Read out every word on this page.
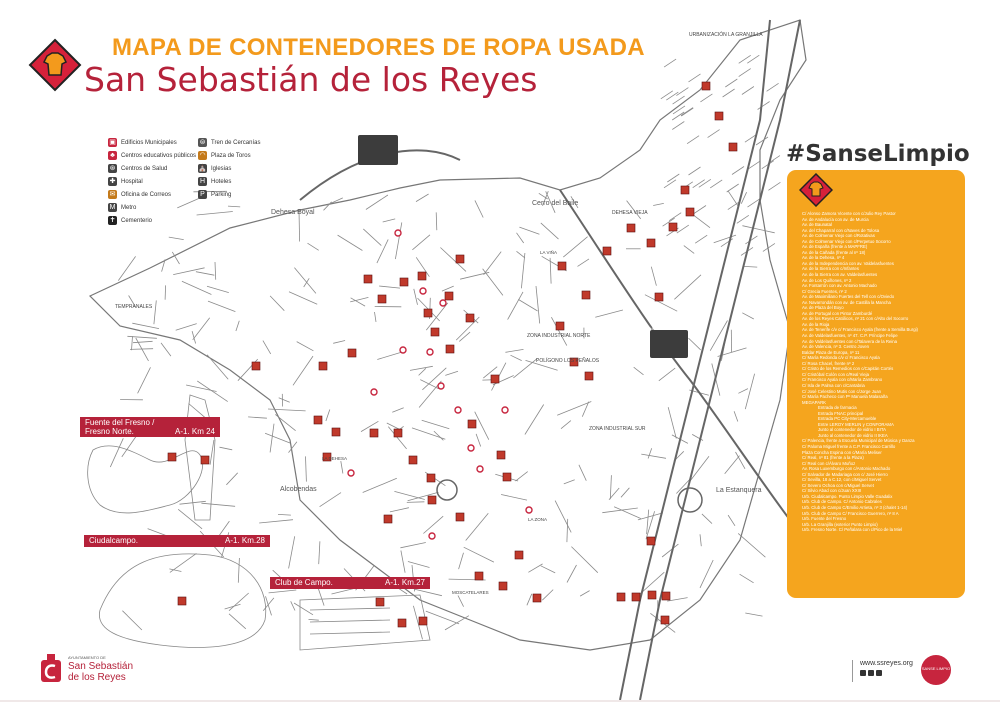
MAPA DE CONTENEDORES DE ROPA USADA
San Sebastián de los Reyes
▣ Edificios Municipales
♣	Centros educativos públicos
⊛ Centros de Salud
✚ Hospital
✉ Oficina de Correos
M Metro
✝ Cementerio
⊜ Tren de Cercanías
◠ Plaza de Toros
⛪ Iglesias
H Hoteles
P	Parking
Dehesa Boyal
Cerro del Baile
URBANIZACIÓN LA GRANJILLA
DEHESA VIEJA
TEMPRANALES
ZONA INDUSTRIAL NORTE
POLÍGONO LOS PEÑALOS
ZONA INDUSTRIAL SUR
Alcobendas	La Estanquera
HOSPITAL INFANTA SOFÍA
LA VIÑA
LA DEHESA
MOSCATELARES
LA ZONA
Fuente del Fresno /
Fresno Norte.	A-1. Km 24
Ciudalcampo.	A-1. Km.28
Club de Campo.	A-1. Km.27
#SanseLimpio
C/ Alonso Zamora Vicente con c/Julio Rey Pastor
Av. de Andalucía con av. de Murcia
Av. de Baunatal
Av. del Chaparral con c/Naves de Tolosa
Av. de Colmenar Viejo con c/Rotativas
Av. de Colmenar Viejo con c/Perpetuo Socorro
Av. de España (frente a MAPFRE)
Av. de la Cañada (frente al nº 18)
Av. de la Dehesa, nº 4
Av. de la Independencia con av. Valdelasfuentes
Av. de la Sierra con c/Infantes
Av. de la Sierra con av. Valdelasfuentes
Av. de Los Quiñones, nº 2
Av. Fontarrón con av. Antonio Machado
C/ Grecia Fuentes, nº 2
Av. de Maximiliano Fuertes del Tell con c/Oviedo
Av. Navarrondán con av. de Castilla la Mancha
Av. de Plaza del Boyo
Av. de Portugal con Pintor Zamburdé
Av. de los Reyes Católicos, nº 21 con c/Alto del Socorro
Av. de la Rioja
Av. de Tenerife c/v c/ Francisco Ayala (frente a Semilla Burgi)
Av. de Valdelasfuentes, nº 47. C.P. Príncipe Felipe
Av. de Valdelasfuentes con c/Talavera de la Reina
Av. de Valencia, nº 3. Centro Joven
Baldar Plaza de Europa, nº 11
C/ María Redonda c/v c/ Francisco Ayala
C/ Rosa Chacel, frente nº 2
C/ Cristo de los Remedios con c/Capitán Cortés
C/ Cristóbal Colón con c/Real Vieja
C/ Francisco Ayala con c/María Zambrano
C/ Isla de Palma con c/Cantabria
C/ José Celestino Mutis con c/Jorge Juan
C/ María Pacheco con Pº Manuela Malasaña
MEGAPARK
Entrada de farmacia
Entrada FNAC principal
Entrada PC City-Mercamueble
Entre LEROY MERLIN y CONFORAMA
Junto al contenedor de vidrio I BITA
Junto al contenedor de vidrio II IKEA
C/ Palencia, frente a Escuela Municipal de Música y Danza
C/ Paloma Miguel frente a C.P. Francisco Carrillo
Plaza Concha Espina con c/María Meliser
C/ Real, nº 81 (frente a la Plaza)
C/ Real con c/Álvaro Muñoz
Av. Rosa Luxemburgo con c/Antonio Machado
C/ Salvador de Madariaga con c/ José Hierro
C/ Sevilla, 18 a C.12, con c/Miguel Servet
C/ Severo Ochoa con c/Miguel Servet
C/ Silvio Abad con c/Juan XXIII
Urb. Ciudalcampo. Punto Limpio Valle Guadalix
Urb. Club de Campo. C/ Antonio Cabrales
Urb. Club de Campo C/Emilio Arrieta, nº 3 (chalet 1-14)
Urb. Club de Campo C/ Francisco Guerrero, nº 8 A
Urb. Fuente del Fresno
Urb. La Granjilla (exterior Punto Limpio)
Urb. Fresno Norte. C/ Peñalara con c/Pico de la Miel
AYUNTAMIENTO DE
San Sebastián
de los Reyes
www.ssreyes.org
SANSE LIMPIO
